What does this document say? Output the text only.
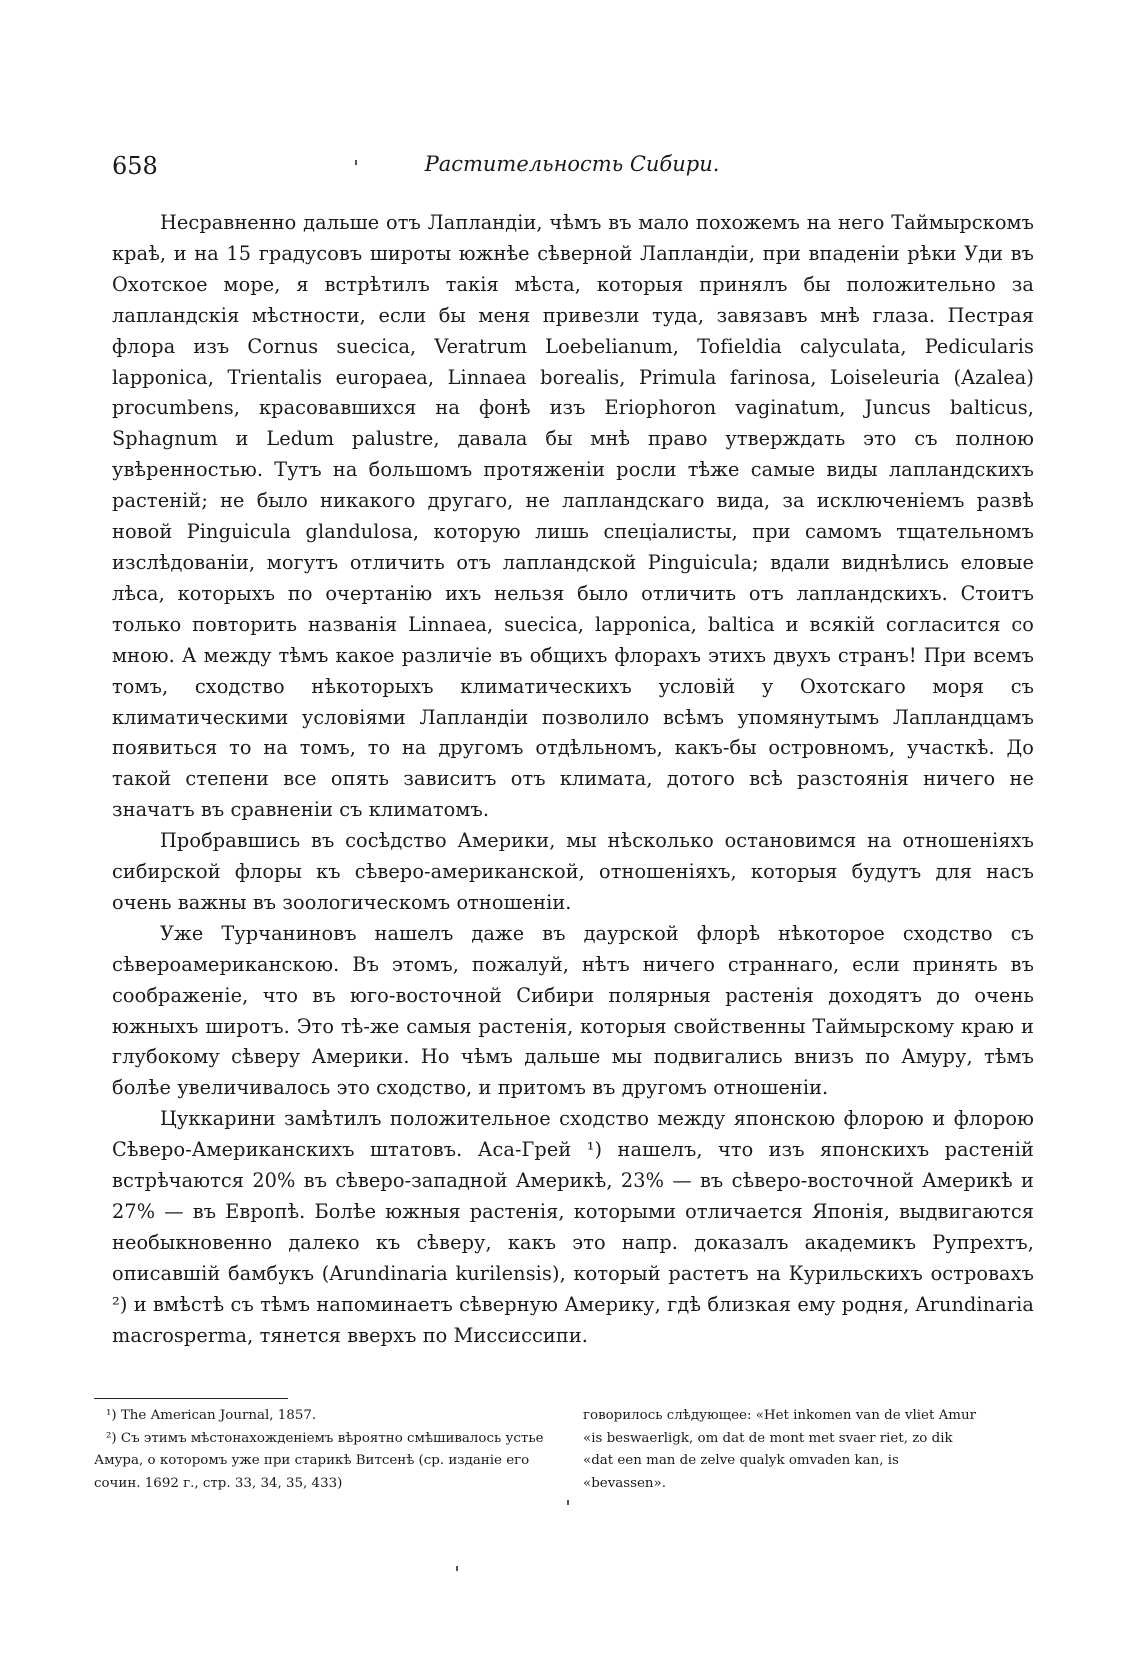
658	Растительность Сибири.

Несравненно дальше отъ Лапландіи, чѣмъ въ мало похожемъ на него Таймырскомъ краѣ, и на 15 градусовъ широты южнѣе сѣверной Лапландіи, при впаденіи рѣки Уди въ Охотское море, я встрѣтилъ такія мѣста, которыя принялъ бы положительно за лапландскія мѣстности, если бы меня привезли туда, завязавъ мнѣ глаза. Пестрая флора изъ Cornus suecica, Veratrum Loebelianum, Tofieldia calyculata, Pedicularis lapponica, Trientalis europaea, Linnaea borealis, Primula farinosa, Loiseleuria (Azalea) procumbens, красовавшихся на фонѣ изъ Eriophoron vaginatum, Juncus balticus, Sphagnum и Ledum palustre, давала бы мнѣ право утверждать это съ полною увѣренностью. Тутъ на большомъ протяженіи росли тѣже самые виды лапландскихъ растеній; не было никакого другаго, не лапландскаго вида, за исключеніемъ развѣ новой Pinguicula glandulosa, которую лишь спеціалисты, при самомъ тщательномъ изслѣдованіи, могутъ отличить отъ лапландской Pinguicula; вдали виднѣлись еловые лѣса, которыхъ по очертанію ихъ нельзя было отличить отъ лапландскихъ. Стоитъ только повторить названія Linnaea, suecica, lapponica, baltica и всякій согласится со мною. А между тѣмъ какое различіе въ общихъ флорахъ этихъ двухъ странъ! При всемъ томъ, сходство нѣкоторыхъ климатическихъ условій у Охотскаго моря съ климатическими условіями Лапландіи позволило всѣмъ упомянутымъ Лапландцамъ появиться то на томъ, то на другомъ отдѣльномъ, какъ-бы островномъ, участкѣ. До такой степени все опять зависитъ отъ климата, дотого всѣ разстоянія ничего не значатъ въ сравненіи съ климатомъ.

Пробравшись въ сосѣдство Америки, мы нѣсколько остановимся на отношеніяхъ сибирской флоры къ сѣверо-американской, отношеніяхъ, которыя будутъ для насъ очень важны въ зоологическомъ отношеніи.

Уже Турчаниновъ нашелъ даже въ даурской флорѣ нѣкоторое сходство съ сѣвероамериканскою. Въ этомъ, пожалуй, нѣтъ ничего страннаго, если принять въ соображеніе, что въ юго-восточной Сибири полярныя растенія доходятъ до очень южныхъ широтъ. Это тѣ-же самыя растенія, которыя свойственны Таймырскому краю и глубокому сѣверу Америки. Но чѣмъ дальше мы подвигались внизъ по Амуру, тѣмъ болѣе увеличивалось это сходство, и притомъ въ другомъ отношеніи.

Цуккарини замѣтилъ положительное сходство между японскою флорою и флорою Сѣверо-Американскихъ штатовъ. Аса-Грей ¹) нашелъ, что изъ японскихъ растеній встрѣчаются 20% въ сѣверо-западной Америкѣ, 23% — въ сѣверо-восточной Америкѣ и 27% — въ Европѣ. Болѣе южныя растенія, которыми отличается Японія, выдвигаются необыкновенно далеко къ сѣверу, какъ это напр. доказалъ академикъ Рупрехтъ, описавшій бамбукъ (Arundinaria kurilensis), который растетъ на Курильскихъ островахъ ²) и вмѣстѣ съ тѣмъ напоминаетъ сѣверную Америку, гдѣ близкая ему родня, Arundinaria macrosperma, тянется вверхъ по Миссиссипи.

¹) The American Journal, 1857.

²) Съ этимъ мѣстонахожденіемъ вѣроятно смѣшивалось устье Амура, о которомъ уже при старикѣ Витсенѣ (ср. изданіе его сочин. 1692 г., стр. 33, 34, 35, 433)

говорилось слѣдующее: «Het inkomen van de vliet Amur

«is beswaerligk, om dat de mont met svaer riet, zo dik

«dat een man de zelve qualyk omvaden kan, is

«bevassen».
